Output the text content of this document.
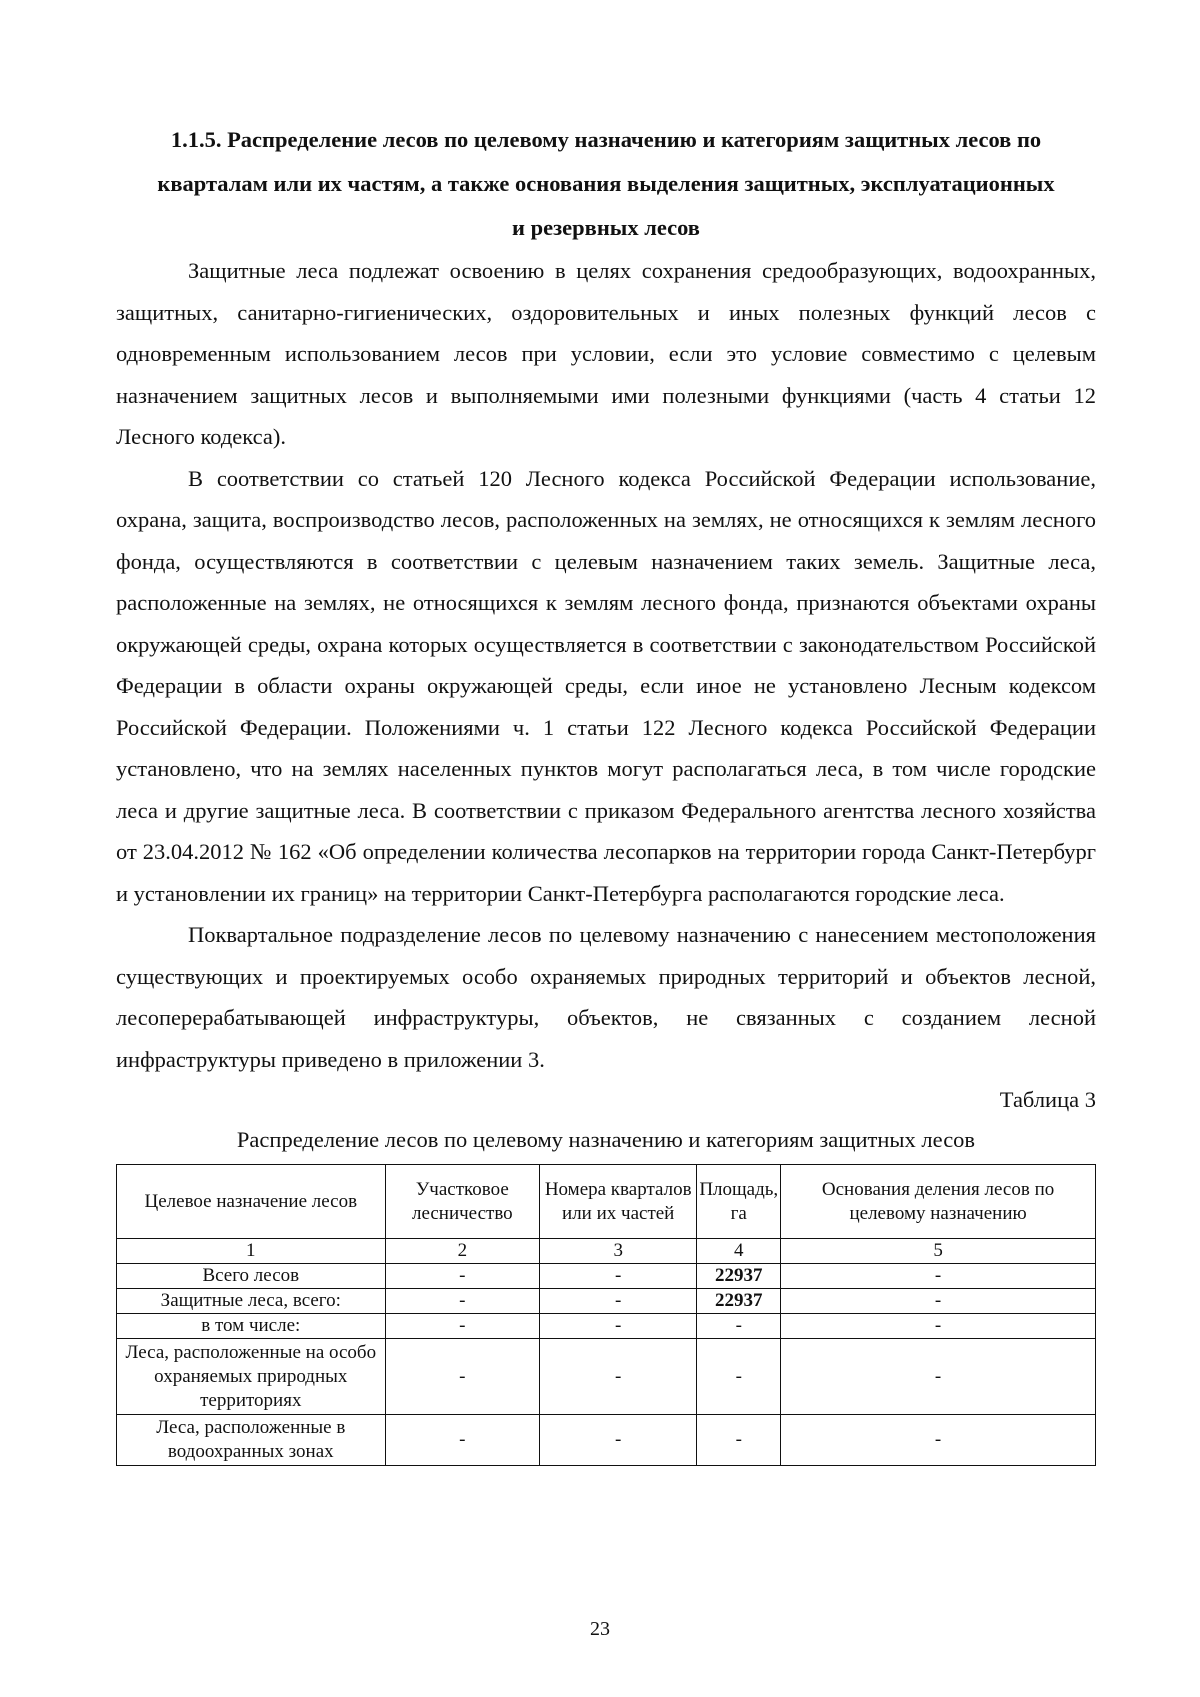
1.1.5. Распределение лесов по целевому назначению и категориям защитных лесов по
кварталам или их частям, а также основания выделения защитных, эксплуатационных
и резервных лесов

Защитные леса подлежат освоению в целях сохранения средообразующих, водоохранных, защитных, санитарно-гигиенических, оздоровительных и иных полезных функций лесов с одновременным использованием лесов при условии, если это условие совместимо с целевым назначением защитных лесов и выполняемыми ими полезными функциями (часть 4 статьи 12 Лесного кодекса).

В соответствии со статьей 120 Лесного кодекса Российской Федерации использование, охрана, защита, воспроизводство лесов, расположенных на землях, не относящихся к землям лесного фонда, осуществляются в соответствии с целевым назначением таких земель. Защитные леса, расположенные на землях, не относящихся к землям лесного фонда, признаются объектами охраны окружающей среды, охрана которых осуществляется в соответствии с законодательством Российской Федерации в области охраны окружающей среды, если иное не установлено Лесным кодексом Российской Федерации. Положениями ч. 1 статьи 122 Лесного кодекса Российской Федерации установлено, что на землях населенных пунктов могут располагаться леса, в том числе городские леса и другие защитные леса. В соответствии с приказом Федерального агентства лесного хозяйства от 23.04.2012 № 162 «Об определении количества лесопарков на территории города Санкт-Петербург и установлении их границ» на территории Санкт-Петербурга располагаются городские леса.

Поквартальное подразделение лесов по целевому назначению с нанесением местоположения существующих и проектируемых особо охраняемых природных территорий и объектов лесной, лесоперерабатывающей инфраструктуры, объектов, не связанных с созданием лесной инфраструктуры приведено в приложении 3.

Таблица 3

Распределение лесов по целевому назначению и категориям защитных лесов

Целевое назначение лесов	Участковое лесничество	Номера кварталов или их частей	Площадь, га	Основания деления лесов по целевому назначению
1	2	3	4	5
Всего лесов	-	-	22937	-
Защитные леса, всего:	-	-	22937	-
в том числе:	-	-	-	-
Леса, расположенные на особо охраняемых природных территориях	-	-	-	-
Леса, расположенные в водоохранных зонах	-	-	-	-
23
